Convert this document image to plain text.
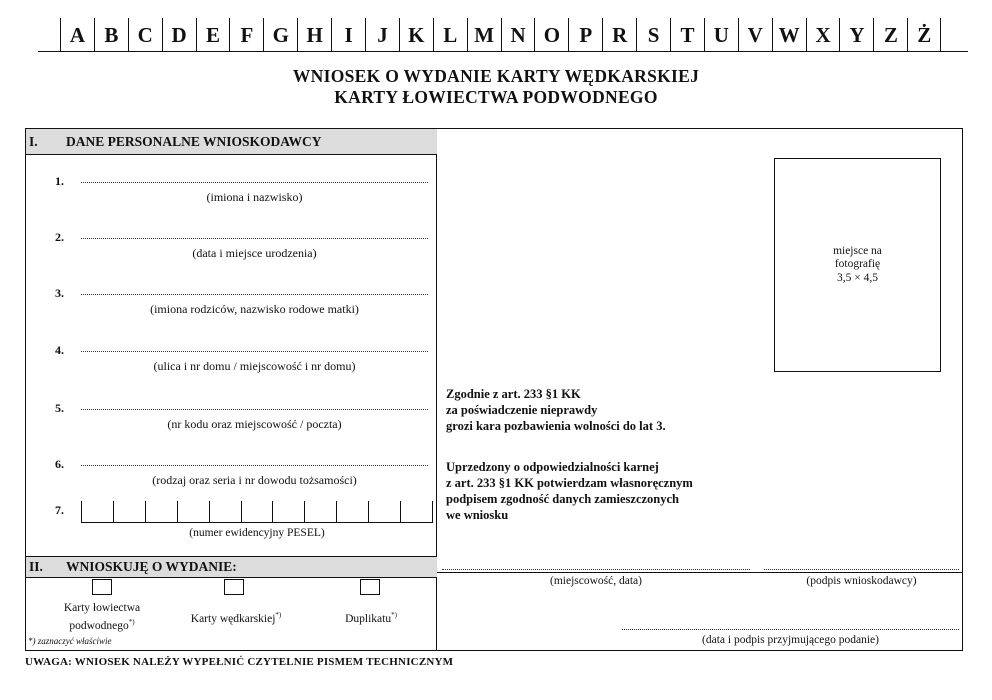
A B C D E F G H	I	J K L M N O P R S	T U V W X Y Z Ż
WNIOSEK O WYDANIE KARTY WĘDKARSKIEJ
KARTY ŁOWIECTWA PODWODNEGO
I.	DANE PERSONALNE WNIOSKODAWCY
1.
(imiona i nazwisko)
2.
(data i miejsce urodzenia)
3.
(imiona rodziców, nazwisko rodowe matki)
4.
(ulica i nr domu / miejscowość i nr domu)
5.
(nr kodu oraz miejscowość / poczta)
6.
(rodzaj oraz seria i nr dowodu tożsamości)
7.
(numer ewidencyjny PESEL)
II.	WNIOSKUJĘ O WYDANIE:
Karty łowiectwa
podwodnego*)	Karty wędkarskiej*)	Duplikatu*)
*) zaznaczyć właściwie
miejsce na
fotografię
3,5 × 4,5
Zgodnie z art. 233 §1 KK
za poświadczenie nieprawdy
grozi kara pozbawienia wolności do lat 3.
Uprzedzony o odpowiedzialności karnej
z art. 233 §1 KK potwierdzam własnoręcznym
podpisem zgodność danych zamieszczonych
we wniosku
(miejscowość, data)	(podpis wnioskodawcy)
(data i podpis przyjmującego podanie)
UWAGA: WNIOSEK NALEŻY WYPEŁNIĆ CZYTELNIE PISMEM TECHNICZNYM
